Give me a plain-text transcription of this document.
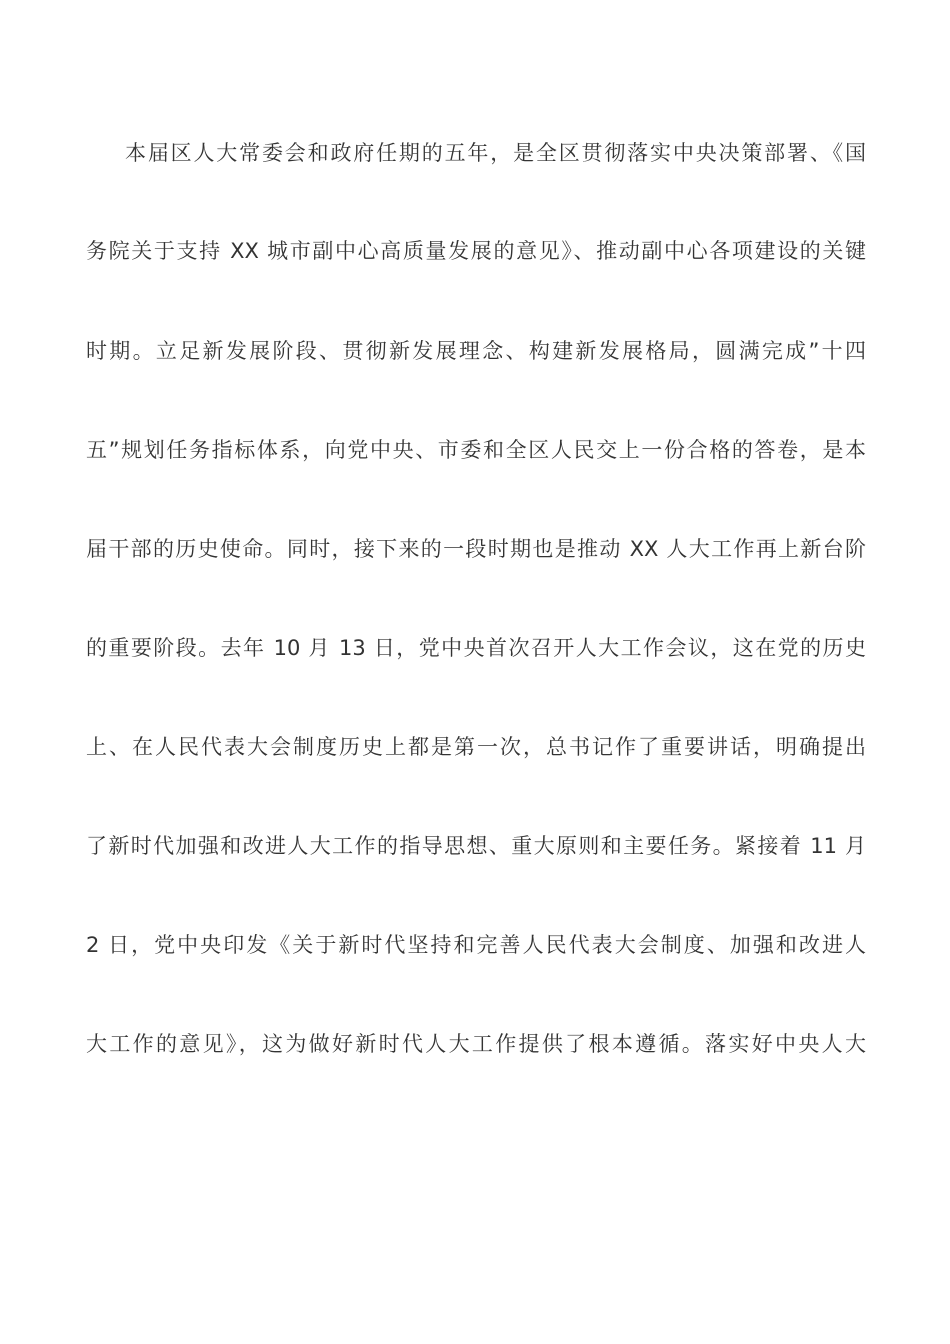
本届区人大常委会和政府任期的五年，是全区贯彻落实中央决策部署、《国
务院关于支持 XX 城市副中心高质量发展的意见》、推动副中心各项建设的关键
时期。立足新发展阶段、贯彻新发展理念、构建新发展格局，圆满完成”十四
五”规划任务指标体系，向党中央、市委和全区人民交上一份合格的答卷，是本
届干部的历史使命。同时，接下来的一段时期也是推动 XX 人大工作再上新台阶
的重要阶段。去年 10 月 13 日，党中央首次召开人大工作会议，这在党的历史
上、在人民代表大会制度历史上都是第一次，总书记作了重要讲话，明确提出
了新时代加强和改进人大工作的指导思想、重大原则和主要任务。紧接着 11 月
2 日，党中央印发《关于新时代坚持和完善人民代表大会制度、加强和改进人
大工作的意见》，这为做好新时代人大工作提供了根本遵循。落实好中央人大
